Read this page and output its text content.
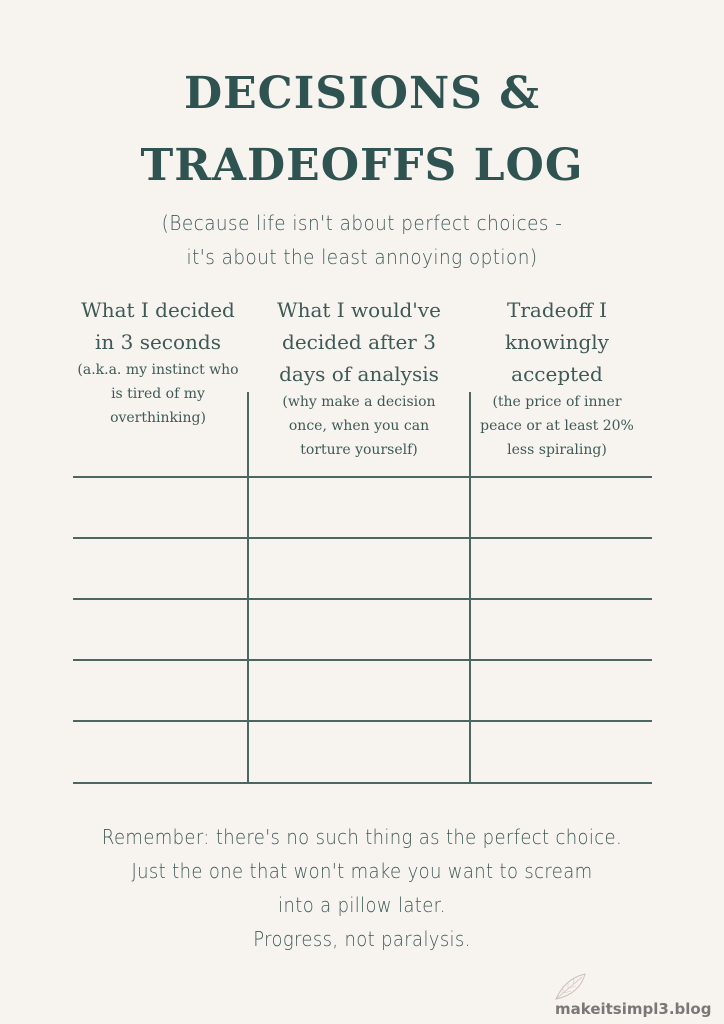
DECISIONS &
TRADEOFFS LOG
(Because life isn't about perfect choices -
it's about the least annoying option)
What I decided
in 3 seconds
(a.k.a. my instinct who
is tired of my
overthinking)
What I would've
decided after 3
days of analysis
(why make a decision
once, when you can
torture yourself)
Tradeoff I
knowingly
accepted
(the price of inner
peace or at least 20%
less spiraling)
Remember: there's no such thing as the perfect choice.
Just the one that won't make you want to scream
into a pillow later.
Progress, not paralysis.
makeitsimpl3.blog
